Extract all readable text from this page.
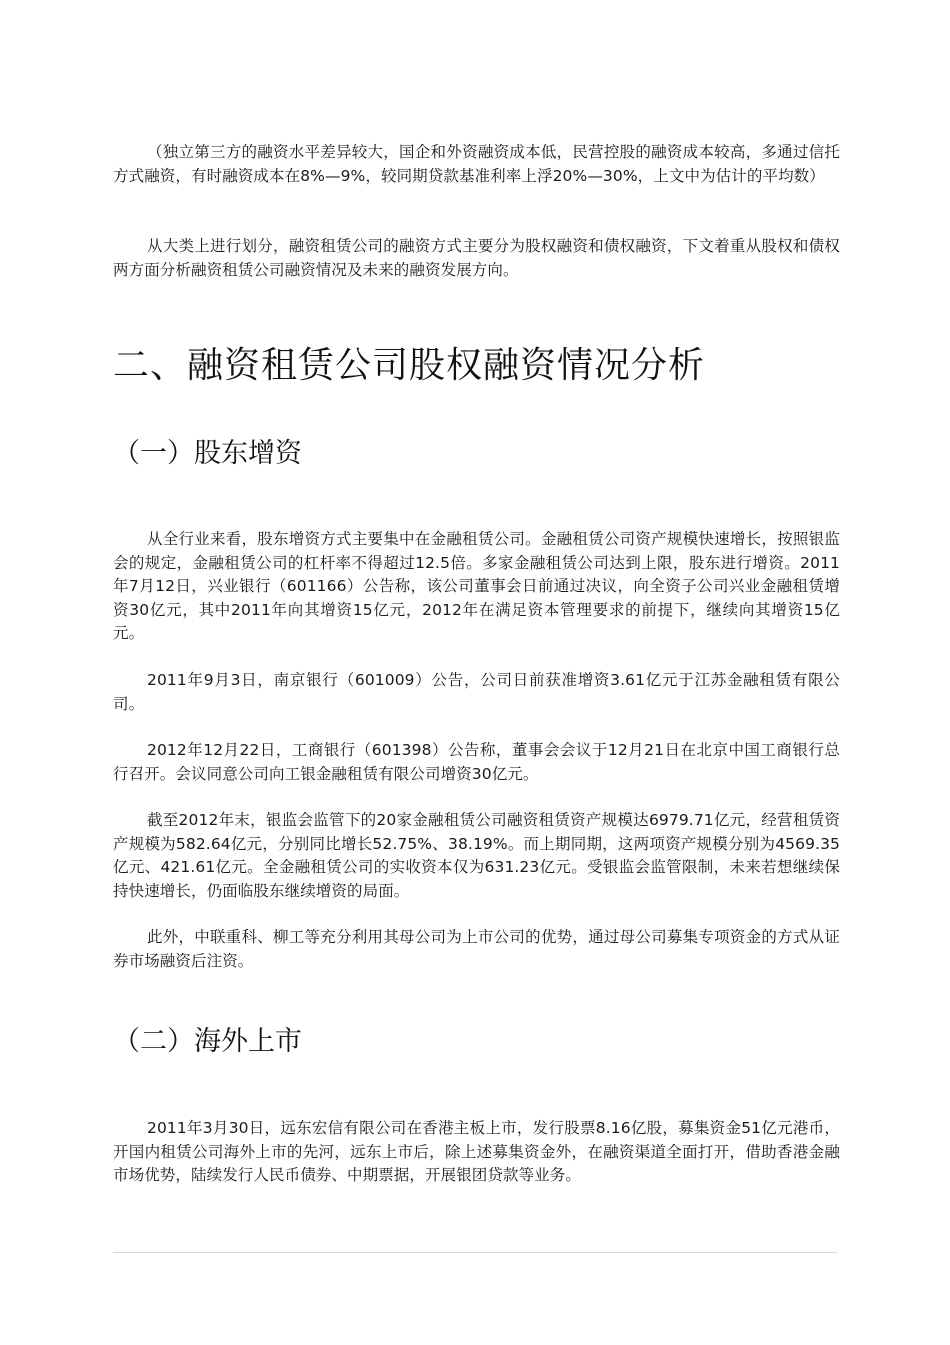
（独立第三方的融资水平差异较大，国企和外资融资成本低，民营控股的融资成本较高，多通过信托方式融资，有时融资成本在8%—9%，较同期贷款基准利率上浮20%—30%，上文中为估计的平均数）

从大类上进行划分，融资租赁公司的融资方式主要分为股权融资和债权融资，下文着重从股权和债权两方面分析融资租赁公司融资情况及未来的融资发展方向。

二、融资租赁公司股权融资情况分析
（一）股东增资

从全行业来看，股东增资方式主要集中在金融租赁公司。金融租赁公司资产规模快速增长，按照银监会的规定，金融租赁公司的杠杆率不得超过12.5倍。多家金融租赁公司达到上限，股东进行增资。2011年7月12日，兴业银行（601166）公告称，该公司董事会日前通过决议，向全资子公司兴业金融租赁增资30亿元，其中2011年向其增资15亿元，2012年在满足资本管理要求的前提下，继续向其增资15亿元。

2011年9月3日，南京银行（601009）公告，公司日前获准增资3.61亿元于江苏金融租赁有限公司。

2012年12月22日，工商银行（601398）公告称，董事会会议于12月21日在北京中国工商银行总行召开。会议同意公司向工银金融租赁有限公司增资30亿元。

截至2012年末，银监会监管下的20家金融租赁公司融资租赁资产规模达6979.71亿元，经营租赁资产规模为582.64亿元，分别同比增长52.75%、38.19%。而上期同期，这两项资产规模分别为4569.35亿元、421.61亿元。全金融租赁公司的实收资本仅为631.23亿元。受银监会监管限制，未来若想继续保持快速增长，仍面临股东继续增资的局面。

此外，中联重科、柳工等充分利用其母公司为上市公司的优势，通过母公司募集专项资金的方式从证券市场融资后注资。

（二）海外上市

2011年3月30日，远东宏信有限公司在香港主板上市，发行股票8.16亿股，募集资金51亿元港币，开国内租赁公司海外上市的先河，远东上市后，除上述募集资金外，在融资渠道全面打开，借助香港金融市场优势，陆续发行人民币债券、中期票据，开展银团贷款等业务。
